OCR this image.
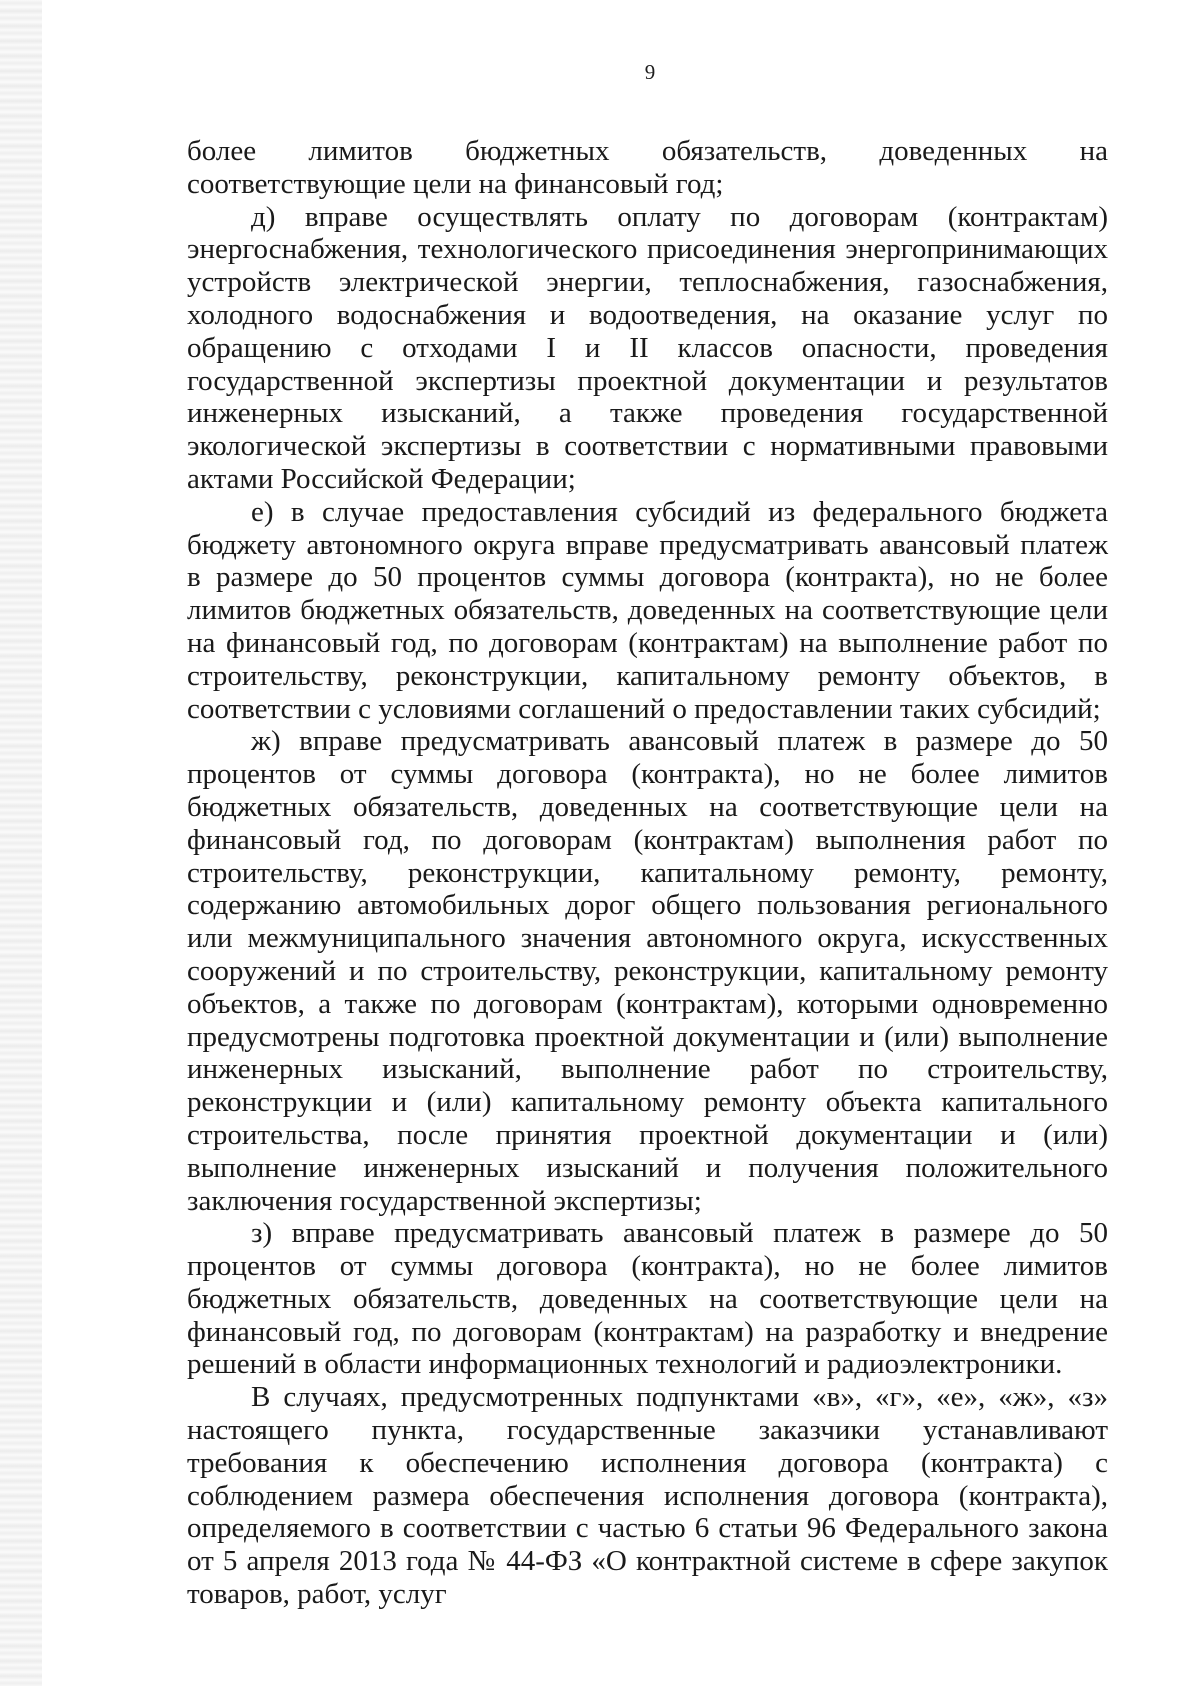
9

более лимитов бюджетных обязательств, доведенных на соответствующие цели на финансовый год;

д) вправе осуществлять оплату по договорам (контрактам) энергоснабжения, технологического присоединения энергопринимающих устройств электрической энергии, теплоснабжения, газоснабжения, холодного водоснабжения и водоотведения, на оказание услуг по обращению с отходами I и II классов опасности, проведения государственной экспертизы проектной документации и результатов инженерных изысканий, а также проведения государственной экологической экспертизы в соответствии с нормативными правовыми актами Российской Федерации;

е) в случае предоставления субсидий из федерального бюджета бюджету автономного округа вправе предусматривать авансовый платеж в размере до 50 процентов суммы договора (контракта), но не более лимитов бюджетных обязательств, доведенных на соответствующие цели на финансовый год, по договорам (контрактам) на выполнение работ по строительству, реконструкции, капитальному ремонту объектов, в соответствии с условиями соглашений о предоставлении таких субсидий;

ж) вправе предусматривать авансовый платеж в размере до 50 процентов от суммы договора (контракта), но не более лимитов бюджетных обязательств, доведенных на соответствующие цели на финансовый год, по договорам (контрактам) выполнения работ по строительству, реконструкции, капитальному ремонту, ремонту, содержанию автомобильных дорог общего пользования регионального или межмуниципального значения автономного округа, искусственных сооружений и по строительству, реконструкции, капитальному ремонту объектов, а также по договорам (контрактам), которыми одновременно предусмотрены подготовка проектной документации и (или) выполнение инженерных изысканий, выполнение работ по строительству, реконструкции и (или) капитальному ремонту объекта капитального строительства, после принятия проектной документации и (или) выполнение инженерных изысканий и получения положительного заключения государственной экспертизы;

з) вправе предусматривать авансовый платеж в размере до 50 процентов от суммы договора (контракта), но не более лимитов бюджетных обязательств, доведенных на соответствующие цели на финансовый год, по договорам (контрактам) на разработку и внедрение решений в области информационных технологий и радиоэлектроники.

В случаях, предусмотренных подпунктами «в», «г», «е», «ж», «з» настоящего пункта, государственные заказчики устанавливают требования к обеспечению исполнения договора (контракта) с соблюдением размера обеспечения исполнения договора (контракта), определяемого в соответствии с частью 6 статьи 96 Федерального закона от 5 апреля 2013 года № 44-ФЗ «О контрактной системе в сфере закупок товаров, работ, услуг
